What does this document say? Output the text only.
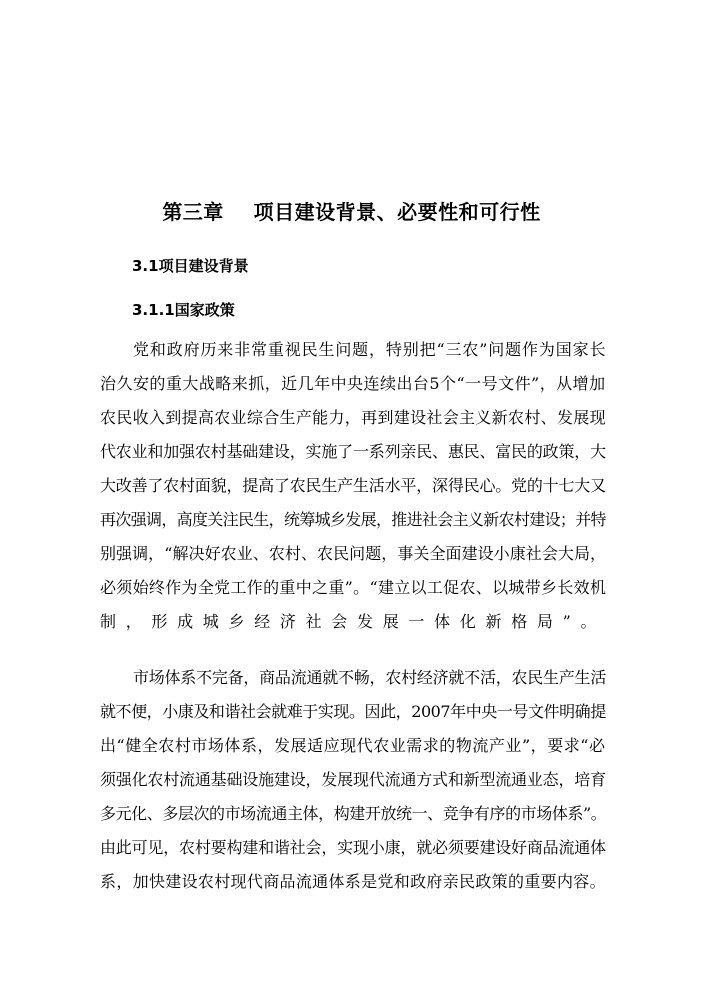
第三章    项目建设背景、必要性和可行性
3.1项目建设背景
3.1.1国家政策
党和政府历来非常重视民生问题，特别把“三农”问题作为国家长
治久安的重大战略来抓，近几年中央连续出台5个“一号文件”，从增加
农民收入到提高农业综合生产能力，再到建设社会主义新农村、发展现
代农业和加强农村基础建设，实施了一系列亲民、惠民、富民的政策，大
大改善了农村面貌，提高了农民生产生活水平，深得民心。党的十七大又
再次强调，高度关注民生，统筹城乡发展，推进社会主义新农村建设；并特
别强调，“解决好农业、农村、农民问题，事关全面建设小康社会大局，
必须始终作为全党工作的重中之重”。“建立以工促农、以城带乡长效机
制，形成城乡经济社会发展一体化新格局”。
市场体系不完备，商品流通就不畅，农村经济就不活，农民生产生活
就不便，小康及和谐社会就难于实现。因此，2007年中央一号文件明确提
出“健全农村市场体系，发展适应现代农业需求的物流产业”，要求“必
须强化农村流通基础设施建设，发展现代流通方式和新型流通业态，培育
多元化、多层次的市场流通主体，构建开放统一、竞争有序的市场体系”。
由此可见，农村要构建和谐社会，实现小康，就必须要建设好商品流通体
系，加快建设农村现代商品流通体系是党和政府亲民政策的重要内容。
